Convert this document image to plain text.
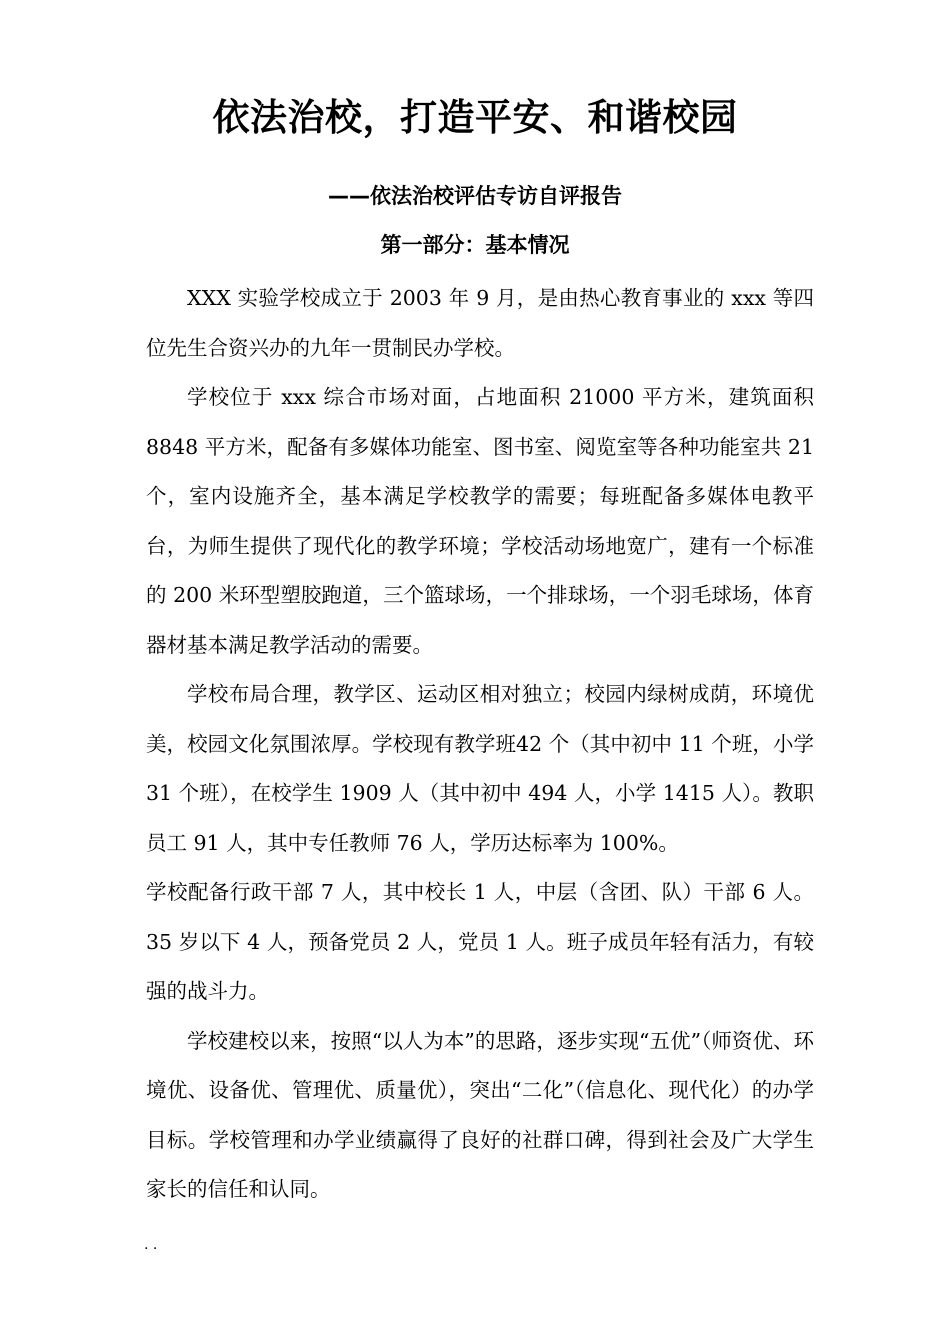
依法治校，打造平安、和谐校园
——依法治校评估专访自评报告
第一部分：基本情况

XXX 实验学校成立于 2003 年 9 月，是由热心教育事业的 xxx 等四位先生合资兴办的九年一贯制民办学校。

学校位于 xxx 综合市场对面，占地面积 21000 平方米，建筑面积 8848 平方米，配备有多媒体功能室、图书室、阅览室等各种功能室共 21 个，室内设施齐全，基本满足学校教学的需要；每班配备多媒体电教平台，为师生提供了现代化的教学环境；学校活动场地宽广，建有一个标准的 200 米环型塑胶跑道，三个篮球场，一个排球场，一个羽毛球场，体育器材基本满足教学活动的需要。

学校布局合理，教学区、运动区相对独立；校园内绿树成荫，环境优美，校园文化氛围浓厚。学校现有教学班42 个（其中初中 11 个班，小学 31 个班），在校学生 1909 人（其中初中 494 人，小学 1415 人）。教职员工 91 人，其中专任教师 76 人，学历达标率为 100%。

学校配备行政干部 7 人，其中校长 1 人，中层（含团、队）干部 6 人。35 岁以下 4 人，预备党员 2 人，党员 1 人。班子成员年轻有活力，有较强的战斗力。

学校建校以来，按照“以人为本”的思路，逐步实现“五优”（师资优、环境优、设备优、管理优、质量优），突出“二化”（信息化、现代化）的办学目标。学校管理和办学业绩赢得了良好的社群口碑，得到社会及广大学生家长的信任和认同。

. .
